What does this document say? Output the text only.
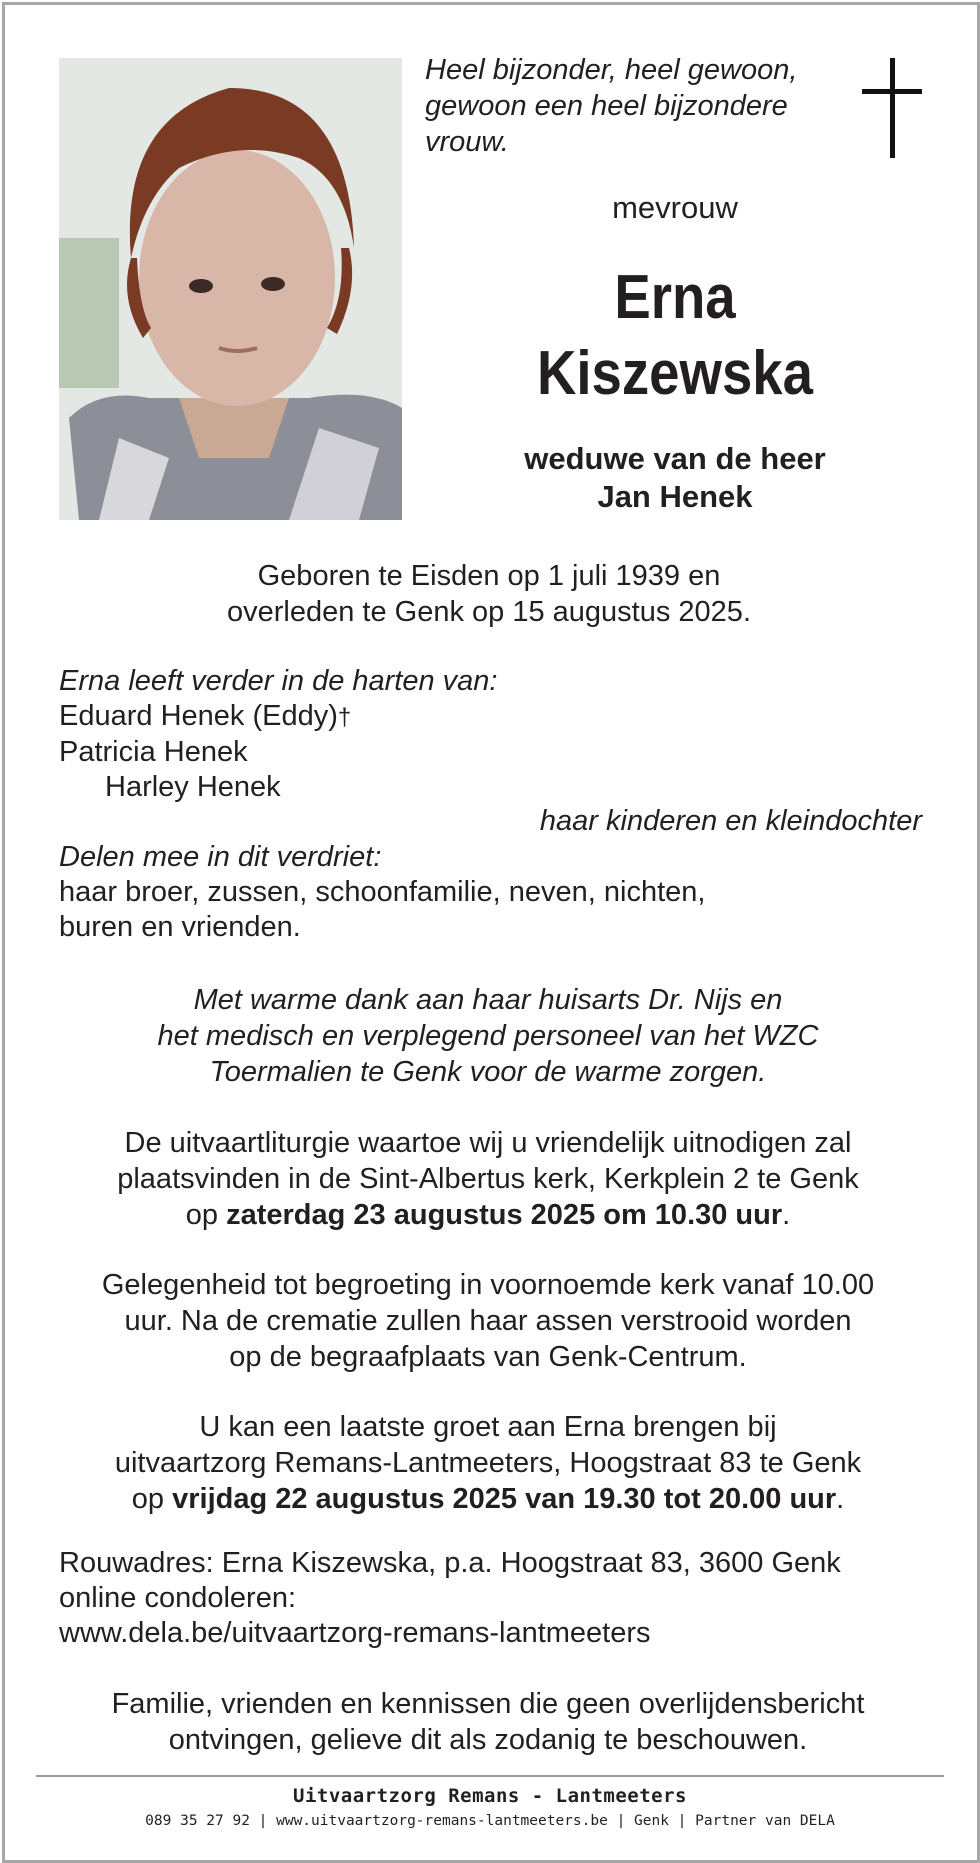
Heel bijzonder, heel gewoon,
gewoon een heel bijzondere
vrouw.
mevrouw
Erna
Kiszewska
weduwe van de heer
Jan Henek
Geboren te Eisden op 1 juli 1939 en
overleden te Genk op 15 augustus 2025.
Erna leeft verder in de harten van:
Eduard Henek (Eddy)†
Patricia Henek
Harley Henek
haar kinderen en kleindochter
Delen mee in dit verdriet:
haar broer, zussen, schoonfamilie, neven, nichten,
buren en vrienden.
Met warme dank aan haar huisarts Dr. Nijs en
het medisch en verplegend personeel van het WZC
Toermalien te Genk voor de warme zorgen.
De uitvaartliturgie waartoe wij u vriendelijk uitnodigen zal
plaatsvinden in de Sint-Albertus kerk, Kerkplein 2 te Genk
op zaterdag 23 augustus 2025 om 10.30 uur.
Gelegenheid tot begroeting in voornoemde kerk vanaf 10.00
uur. Na de crematie zullen haar assen verstrooid worden
op de begraafplaats van Genk-Centrum.
U kan een laatste groet aan Erna brengen bij
uitvaartzorg Remans-Lantmeeters, Hoogstraat 83 te Genk
op vrijdag 22 augustus 2025 van 19.30 tot 20.00 uur.
Rouwadres: Erna Kiszewska, p.a. Hoogstraat 83, 3600 Genk
online condoleren:
www.dela.be/uitvaartzorg-remans-lantmeeters
Familie, vrienden en kennissen die geen overlijdensbericht
ontvingen, gelieve dit als zodanig te beschouwen.
Uitvaartzorg Remans - Lantmeeters
089 35 27 92 | www.uitvaartzorg-remans-lantmeeters.be | Genk | Partner van DELA
